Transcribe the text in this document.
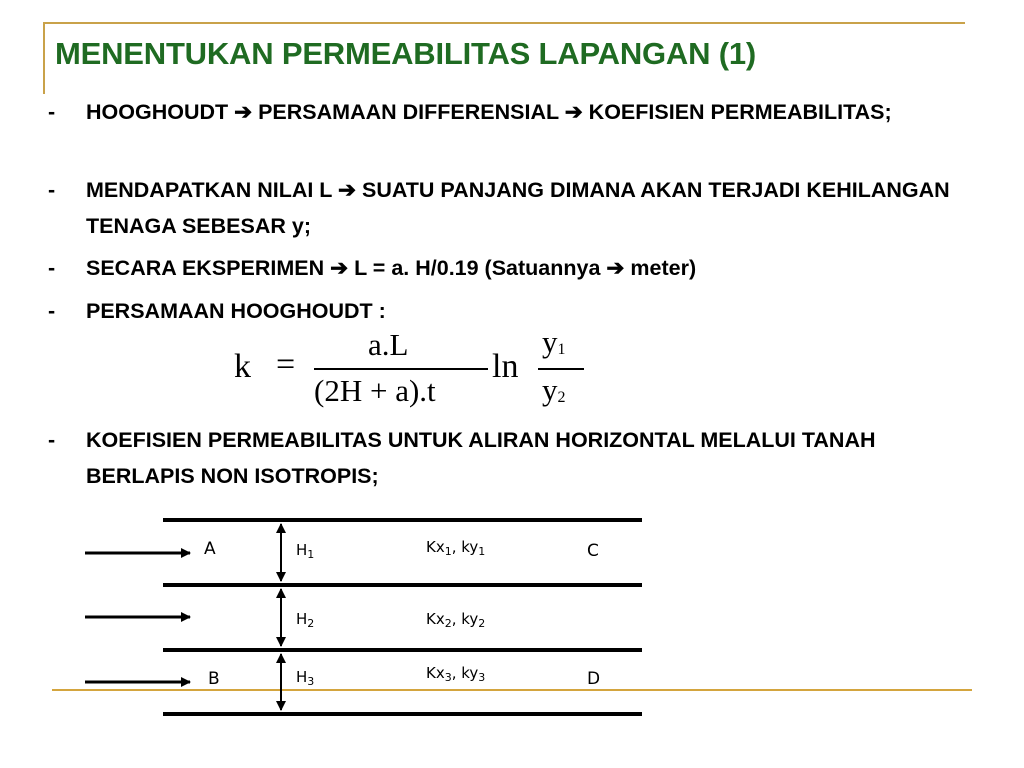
MENENTUKAN PERMEABILITAS LAPANGAN (1)
-	HOOGHOUDT ➔ PERSAMAAN DIFFERENSIAL ➔ KOEFISIEN PERMEABILITAS;
-	MENDAPATKAN NILAI L ➔ SUATU PANJANG DIMANA AKAN TERJADI KEHILANGAN TENAGA SEBESAR y;
-	SECARA EKSPERIMEN ➔ L = a. H/0.19 (Satuannya ➔ meter)
-	PERSAMAAN HOOGHOUDT :
k =
a.L
(2H + a).t
ln
y1
y2
-	KOEFISIEN PERMEABILITAS UNTUK ALIRAN HORIZONTAL MELALUI TANAH BERLAPIS NON ISOTROPIS;
A	C
B	D
$H_1$	$Kx_1$, $ky_1$
$H_2$	$Kx_2$, $ky_2$
$H_3$	$Kx_3$, $ky_3$
